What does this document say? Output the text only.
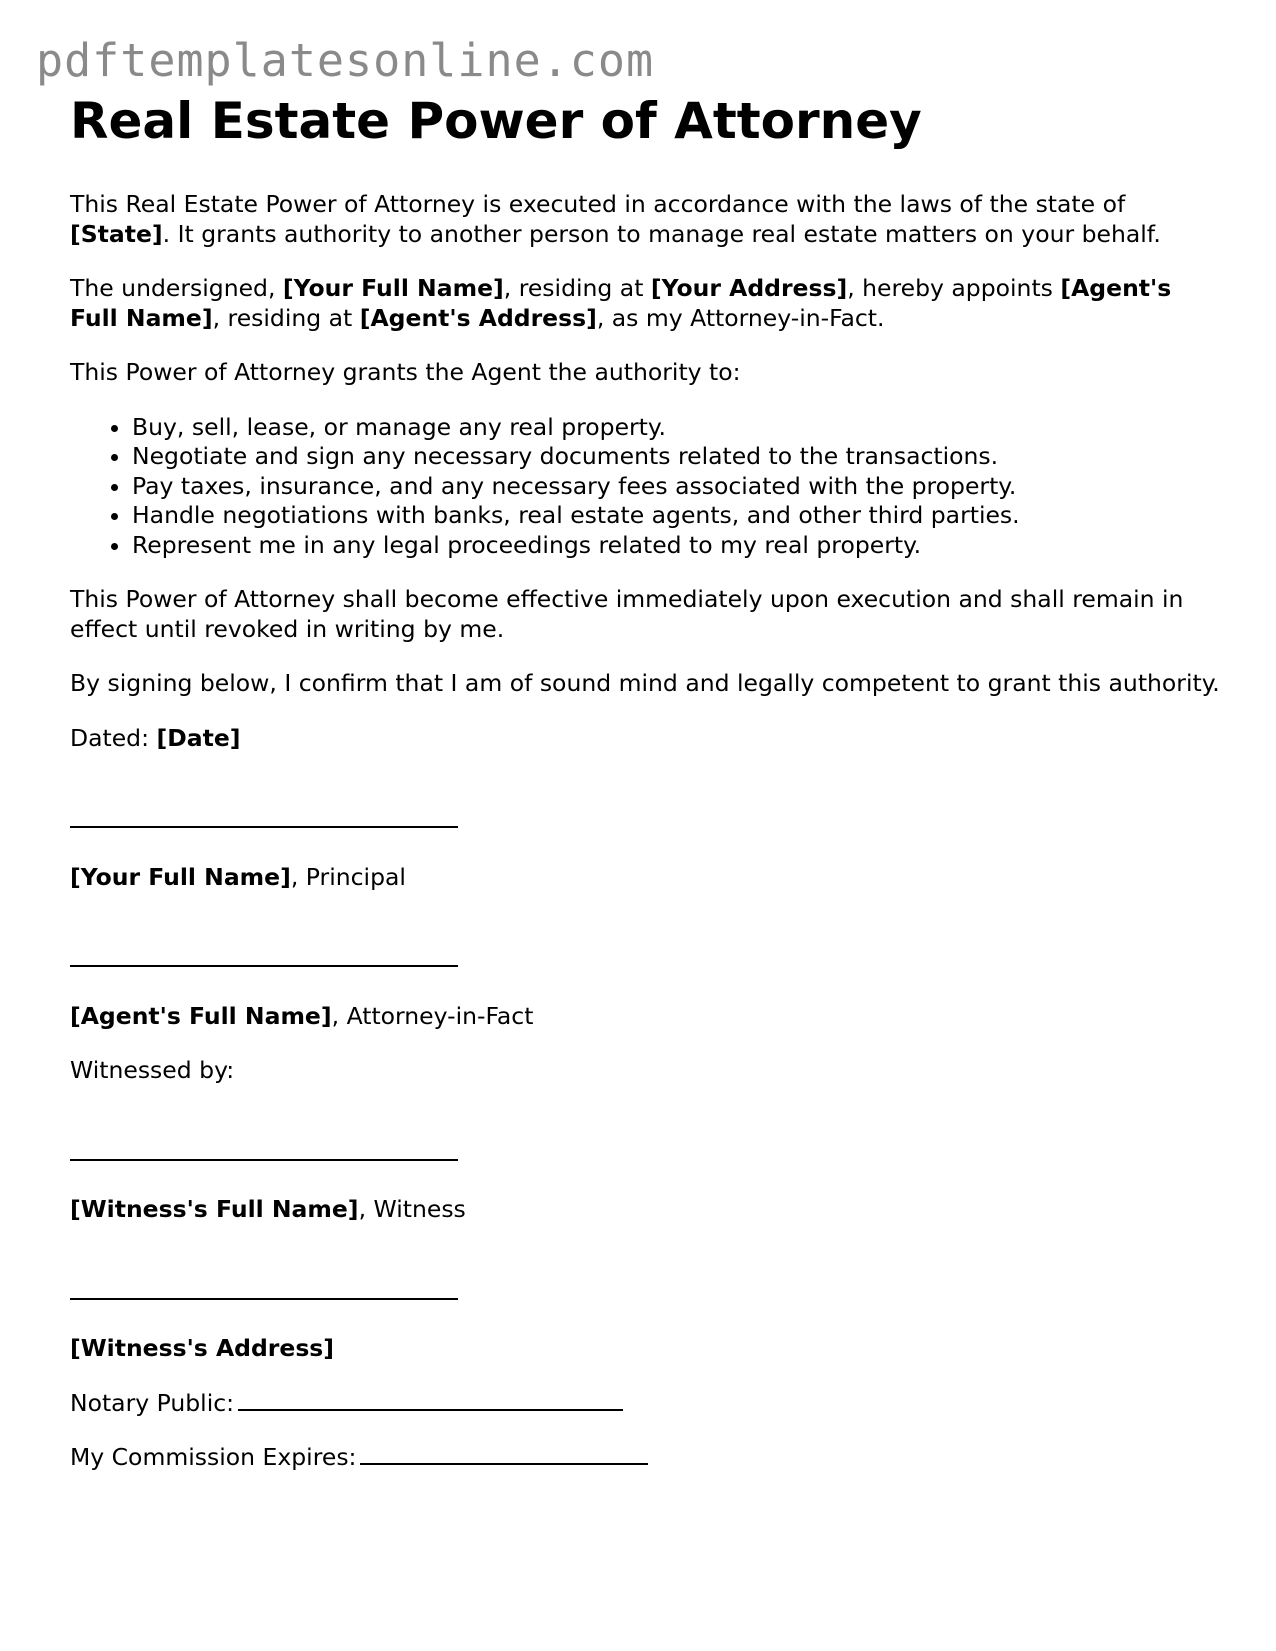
pdftemplatesonline.com
Real Estate Power of Attorney

This Real Estate Power of Attorney is executed in accordance with the laws of the state of [State]. It grants authority to another person to manage real estate matters on your behalf.

The undersigned, [Your Full Name], residing at [Your Address], hereby appoints [Agent's Full Name], residing at [Agent's Address], as my Attorney-in-Fact.

This Power of Attorney grants the Agent the authority to:

• Buy, sell, lease, or manage any real property.
• Negotiate and sign any necessary documents related to the transactions.
• Pay taxes, insurance, and any necessary fees associated with the property.
• Handle negotiations with banks, real estate agents, and other third parties.
• Represent me in any legal proceedings related to my real property.

This Power of Attorney shall become effective immediately upon execution and shall remain in effect until revoked in writing by me.

By signing below, I confirm that I am of sound mind and legally competent to grant this authority.

Dated: [Date]

[Your Full Name], Principal

[Agent's Full Name], Attorney-in-Fact

Witnessed by:

[Witness's Full Name], Witness

[Witness's Address]

Notary Public:

My Commission Expires:
